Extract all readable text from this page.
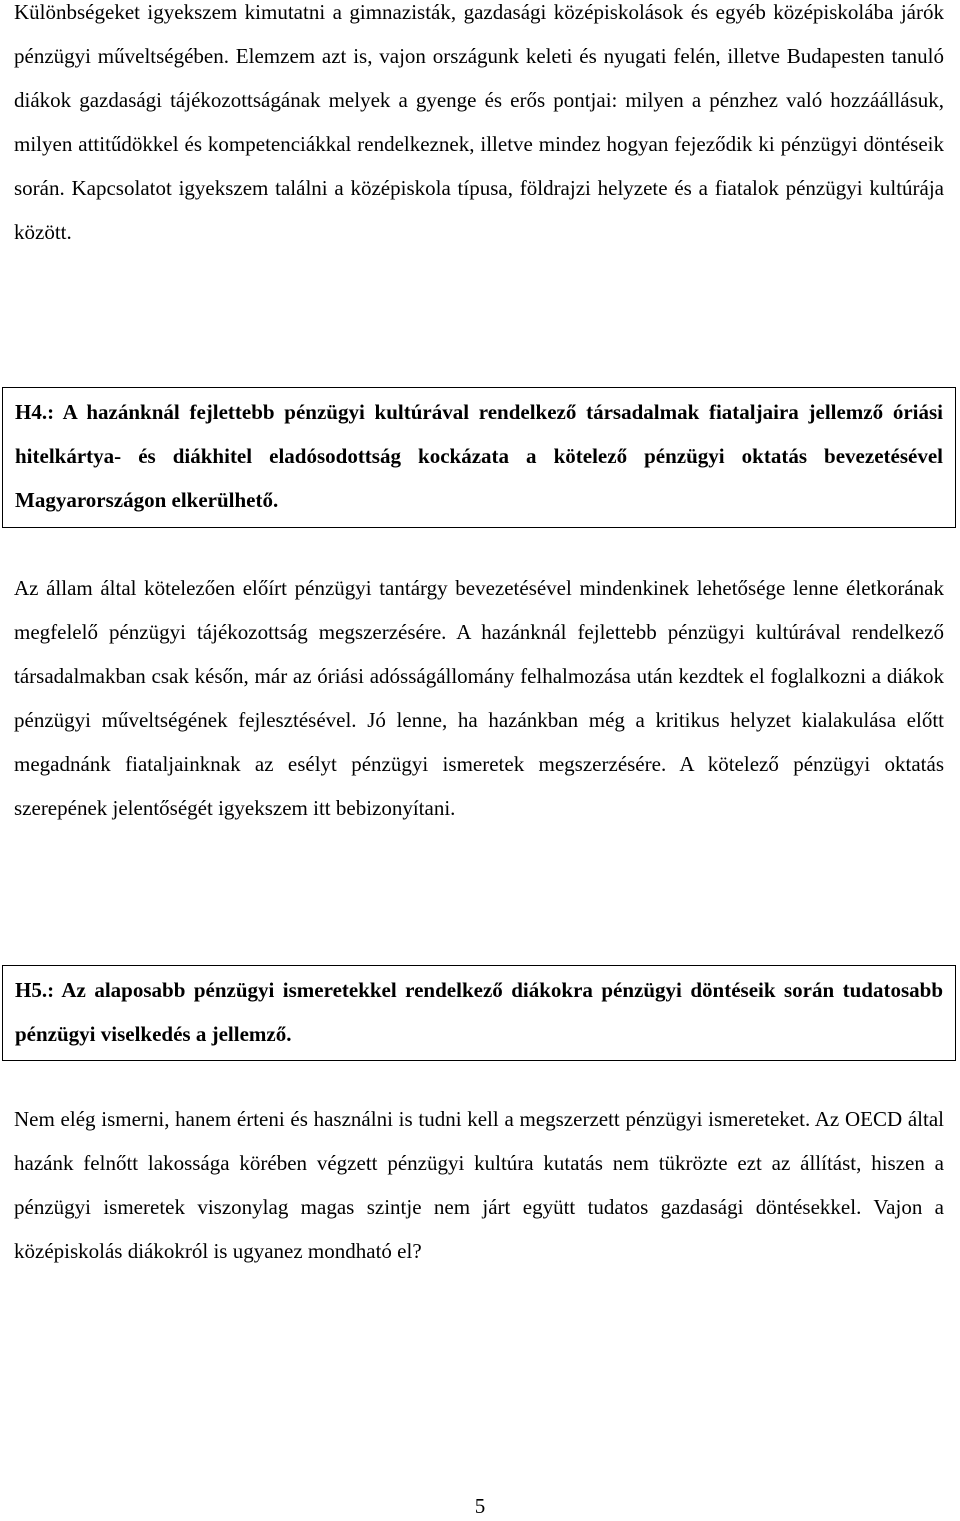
Különbségeket igyekszem kimutatni a gimnazisták, gazdasági középiskolások és egyéb középiskolába járók pénzügyi műveltségében. Elemzem azt is, vajon országunk keleti és nyugati felén, illetve Budapesten tanuló diákok gazdasági tájékozottságának melyek a gyenge és erős pontjai: milyen a pénzhez való hozzáállásuk, milyen attitűdökkel és kompetenciákkal rendelkeznek, illetve mindez hogyan fejeződik ki pénzügyi döntéseik során. Kapcsolatot igyekszem találni a középiskola típusa, földrajzi helyzete és a fiatalok pénzügyi kultúrája között.

H4.: A hazánknál fejlettebb pénzügyi kultúrával rendelkező társadalmak fiataljaira jellemző óriási hitelkártya- és diákhitel eladósodottság kockázata a kötelező pénzügyi oktatás bevezetésével Magyarországon elkerülhető.

Az állam által kötelezően előírt pénzügyi tantárgy bevezetésével mindenkinek lehetősége lenne életkorának megfelelő pénzügyi tájékozottság megszerzésére. A hazánknál fejlettebb pénzügyi kultúrával rendelkező társadalmakban csak későn, már az óriási adósságállomány felhalmozása után kezdtek el foglalkozni a diákok pénzügyi műveltségének fejlesztésével. Jó lenne, ha hazánkban még a kritikus helyzet kialakulása előtt megadnánk fiataljainknak az esélyt pénzügyi ismeretek megszerzésére. A kötelező pénzügyi oktatás szerepének jelentőségét igyekszem itt bebizonyítani.

H5.: Az alaposabb pénzügyi ismeretekkel rendelkező diákokra pénzügyi döntéseik során tudatosabb pénzügyi viselkedés a jellemző.

Nem elég ismerni, hanem érteni és használni is tudni kell a megszerzett pénzügyi ismereteket. Az OECD által hazánk felnőtt lakossága körében végzett pénzügyi kultúra kutatás nem tükrözte ezt az állítást, hiszen a pénzügyi ismeretek viszonylag magas szintje nem járt együtt tudatos gazdasági döntésekkel. Vajon a középiskolás diákokról is ugyanez mondható el?

5
